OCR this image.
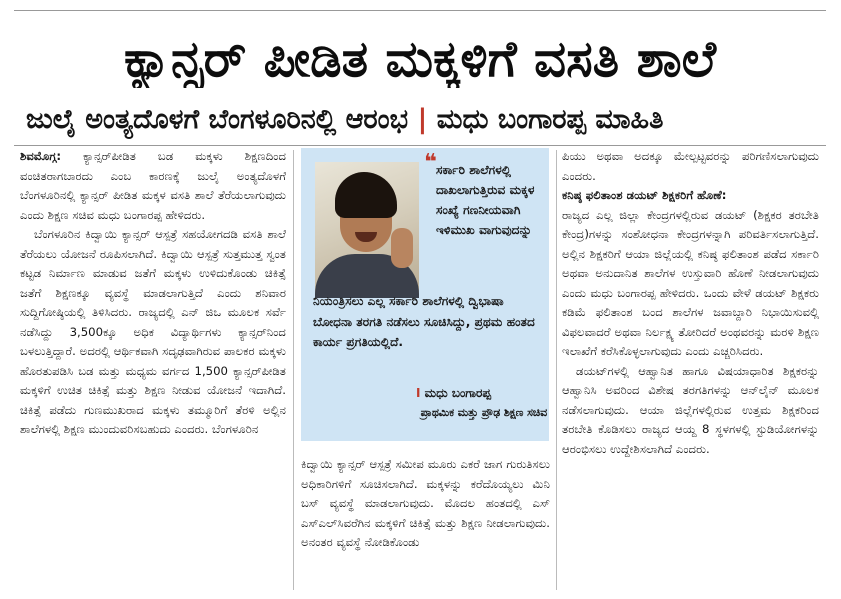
ಕ್ಯಾನ್ಸರ್ ಪೀಡಿತ ಮಕ್ಕಳಿಗೆ ವಸತಿ ಶಾಲೆ
ಜುಲೈ ಅಂತ್ಯದೊಳಗೆ ಬೆಂಗಳೂರಿನಲ್ಲಿ ಆರಂಭ | ಮಧು ಬಂಗಾರಪ್ಪ ಮಾಹಿತಿ

ಶಿವಮೊಗ್ಗ: ಕ್ಯಾನ್ಸರ್‌ಪೀಡಿತ ಬಡ ಮಕ್ಕಳು ಶಿಕ್ಷಣದಿಂದ ವಂಚಿತರಾಗಬಾರದು ಎಂಬ ಕಾರಣಕ್ಕೆ ಜುಲೈ ಅಂತ್ಯದೊಳಗೆ ಬೆಂಗಳೂರಿನಲ್ಲಿ ಕ್ಯಾನ್ಸರ್ ಪೀಡಿತ ಮಕ್ಕಳ ವಸತಿ ಶಾಲೆ ತೆರೆಯಲಾಗುವುದು ಎಂದು ಶಿಕ್ಷಣ ಸಚಿವ ಮಧು ಬಂಗಾರಪ್ಪ ಹೇಳಿದರು.

ಬೆಂಗಳೂರಿನ ಕಿದ್ವಾಯಿ ಕ್ಯಾನ್ಸರ್ ಆಸ್ಪತ್ರೆ ಸಹಯೋಗದಡಿ ವಸತಿ ಶಾಲೆ ತೆರೆಯಲು ಯೋಜನೆ ರೂಪಿಸಲಾಗಿದೆ. ಕಿದ್ವಾಯಿ ಆಸ್ಪತ್ರೆ ಸುತ್ತಮುತ್ತ ಸ್ವಂತ ಕಟ್ಟಡ ನಿರ್ಮಾಣ ಮಾಡುವ ಜತೆಗೆ ಮಕ್ಕಳು ಉಳಿದುಕೊಂಡು ಚಿಕಿತ್ಸೆ ಜತೆಗೆ ಶಿಕ್ಷಣಕ್ಕೂ ವ್ಯವಸ್ಥೆ ಮಾಡಲಾಗುತ್ತಿದೆ ಎಂದು ಶನಿವಾರ ಸುದ್ದಿಗೋಷ್ಠಿಯಲ್ಲಿ ತಿಳಿಸಿದರು. ರಾಜ್ಯದಲ್ಲಿ ಎನ್ ಜಿಒ ಮೂಲಕ ಸರ್ವೆ ನಡೆಸಿದ್ದು 3,500ಕ್ಕೂ ಅಧಿಕ ವಿದ್ಯಾರ್ಥಿಗಳು ಕ್ಯಾನ್ಸರ್‌ನಿಂದ ಬಳಲುತ್ತಿದ್ದಾರೆ. ಅದರಲ್ಲಿ ಆರ್ಥಿಕವಾಗಿ ಸದೃಢವಾಗಿರುವ ಪಾಲಕರ ಮಕ್ಕಳು ಹೊರತುಪಡಿಸಿ ಬಡ ಮತ್ತು ಮಧ್ಯಮ ವರ್ಗದ 1,500 ಕ್ಯಾನ್ಸರ್‌ಪೀಡಿತ ಮಕ್ಕಳಿಗೆ ಉಚಿತ ಚಿಕಿತ್ಸೆ ಮತ್ತು ಶಿಕ್ಷಣ ನೀಡುವ ಯೋಜನೆ ಇದಾಗಿದೆ. ಚಿಕಿತ್ಸೆ ಪಡೆದು ಗುಣಮುಖರಾದ ಮಕ್ಕಳು ತಮ್ಮೂರಿಗೆ ತೆರಳಿ ಅಲ್ಲಿನ ಶಾಲೆಗಳಲ್ಲಿ ಶಿಕ್ಷಣ ಮುಂದುವರಿಸಬಹುದು ಎಂದರು. ಬೆಂಗಳೂರಿನ

❝ ಸರ್ಕಾರಿ ಶಾಲೆಗಳಲ್ಲಿ ದಾಖಲಾಗುತ್ತಿರುವ ಮಕ್ಕಳ ಸಂಖ್ಯೆ ಗಣನೀಯವಾಗಿ ಇಳಿಮುಖ ವಾಗುವುದನ್ನು
ನಿಯಂತ್ರಿಸಲು ಎಲ್ಲ ಸರ್ಕಾರಿ ಶಾಲೆಗಳಲ್ಲಿ ದ್ವಿಭಾಷಾ ಬೋಧನಾ ತರಗತಿ ನಡೆಸಲು ಸೂಚಿಸಿದ್ದು, ಪ್ರಥಮ ಹಂತದ ಕಾರ್ಯ ಪ್ರಗತಿಯಲ್ಲಿದೆ.
I ಮಧು ಬಂಗಾರಪ್ಪ
ಪ್ರಾಥಮಿಕ ಮತ್ತು ಪ್ರೌಢ ಶಿಕ್ಷಣ ಸಚಿವ

ಕಿದ್ವಾಯಿ ಕ್ಯಾನ್ಸರ್ ಆಸ್ಪತ್ರೆ ಸಮೀಪ ಮೂರು ಎಕರೆ ಜಾಗ ಗುರುತಿಸಲು ಅಧಿಕಾರಿಗಳಿಗೆ ಸೂಚಿಸಲಾಗಿದೆ. ಮಕ್ಕಳನ್ನು ಕರೆದೊಯ್ಯಲು ಮಿನಿ ಬಸ್ ವ್ಯವಸ್ಥೆ ಮಾಡಲಾಗುವುದು. ಮೊದಲ ಹಂತದಲ್ಲಿ ಎಸ್ ಎಸ್‌ಎಲ್‌ಸಿವರೆಗಿನ ಮಕ್ಕಳಿಗೆ ಚಿಕಿತ್ಸೆ ಮತ್ತು ಶಿಕ್ಷಣ ನೀಡಲಾಗುವುದು. ಅನಂತರ ವ್ಯವಸ್ಥೆ ನೋಡಿಕೊಂಡು

ಪಿಯು ಅಥವಾ ಅದಕ್ಕೂ ಮೇಲ್ಪಟ್ಟವರನ್ನು ಪರಿಗಣಿಸಲಾಗುವುದು ಎಂದರು.

ಕನಿಷ್ಠ ಫಲಿತಾಂಶ ಡಯಟ್ ಶಿಕ್ಷಕರಿಗೆ ಹೊಣೆ:

ರಾಜ್ಯದ ಎಲ್ಲ ಜಿಲ್ಲಾ ಕೇಂದ್ರಗಳಲ್ಲಿರುವ ಡಯಟ್ (ಶಿಕ್ಷಕರ ತರಬೇತಿ ಕೇಂದ್ರ)ಗಳನ್ನು ಸಂಶೋಧನಾ ಕೇಂದ್ರಗಳನ್ನಾಗಿ ಪರಿವರ್ತಿಸಲಾಗುತ್ತಿದೆ. ಅಲ್ಲಿನ ಶಿಕ್ಷಕರಿಗೆ ಆಯಾ ಜಿಲ್ಲೆಯಲ್ಲಿ ಕನಿಷ್ಠ ಫಲಿತಾಂಶ ಪಡೆದ ಸರ್ಕಾರಿ ಅಥವಾ ಅನುದಾನಿತ ಶಾಲೆಗಳ ಉಸ್ತುವಾರಿ ಹೊಣೆ ನೀಡಲಾಗುವುದು ಎಂದು ಮಧು ಬಂಗಾರಪ್ಪ ಹೇಳಿದರು. ಒಂದು ವೇಳೆ ಡಯಟ್ ಶಿಕ್ಷಕರು ಕಡಿಮೆ ಫಲಿತಾಂಶ ಬಂದ ಶಾಲೆಗಳ ಜವಾಬ್ದಾರಿ ನಿಭಾಯಿಸುವಲ್ಲಿ ವಿಫಲವಾದರೆ ಅಥವಾ ನಿರ್ಲಕ್ಷ್ಯ ತೋರಿದರೆ ಅಂಥವರನ್ನು ಮರಳಿ ಶಿಕ್ಷಣ ಇಲಾಖೆಗೆ ಕರೆಸಿಕೊಳ್ಳಲಾಗುವುದು ಎಂದು ಎಚ್ಚರಿಸಿದರು.

ಡಯಟ್‌ಗಳಲ್ಲಿ ಆಹ್ವಾನಿತ ಹಾಗೂ ವಿಷಯಾಧಾರಿತ ಶಿಕ್ಷಕರನ್ನು ಆಹ್ವಾನಿಸಿ ಅವರಿಂದ ವಿಶೇಷ ತರಗತಿಗಳನ್ನು ಆನ್‌ಲೈನ್ ಮೂಲಕ ನಡೆಸಲಾಗುವುದು. ಆಯಾ ಜಿಲ್ಲೆಗಳಲ್ಲಿರುವ ಉತ್ತಮ ಶಿಕ್ಷಕರಿಂದ ತರಬೇತಿ ಕೊಡಿಸಲು ರಾಜ್ಯದ ಆಯ್ದ 8 ಸ್ಥಳಗಳಲ್ಲಿ ಸ್ಟುಡಿಯೋಗಳನ್ನು ಆರಂಭಿಸಲು ಉದ್ದೇಶಿಸಲಾಗಿದೆ ಎಂದರು.
